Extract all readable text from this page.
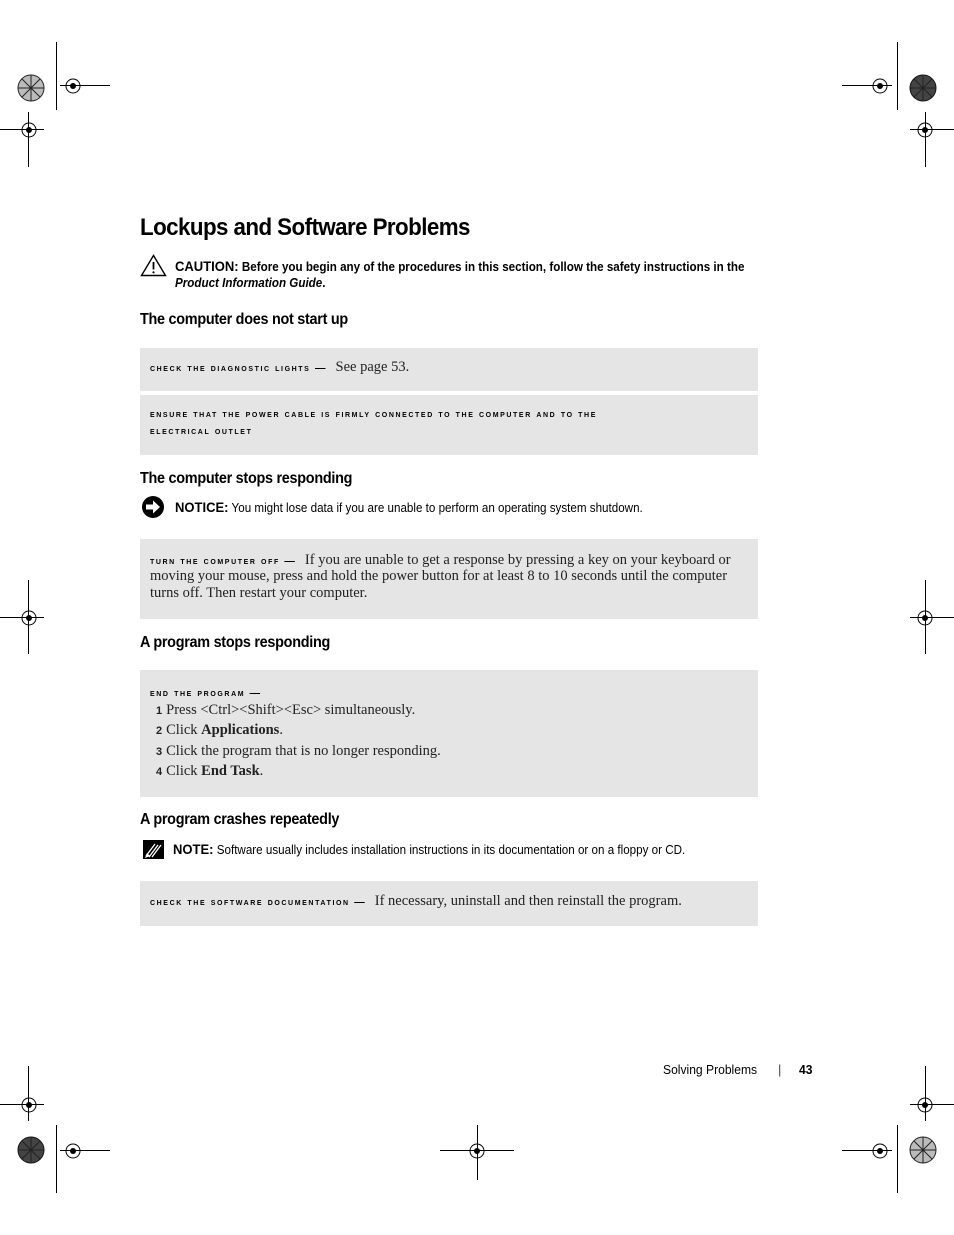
Lockups and Software Problems
CAUTION: Before you begin any of the procedures in this section, follow the safety instructions in the
Product Information Guide.
The computer does not start up
check the diagnostic lights — See page 53.
ensure that the power cable is firmly connected to the computer and to the
electrical outlet
The computer stops responding
NOTICE: You might lose data if you are unable to perform an operating system shutdown.
turn the computer off — If you are unable to get a response by pressing a key on your keyboard or
moving your mouse, press and hold the power button for at least 8 to 10 seconds until the computer
turns off. Then restart your computer.
A program stops responding
end the program —
1 Press <Ctrl><Shift><Esc> simultaneously.
2 Click Applications.
3 Click the program that is no longer responding.
4 Click End Task.
A program crashes repeatedly
NOTE: Software usually includes installation instructions in its documentation or on a floppy or CD.
check the software documentation — If necessary, uninstall and then reinstall the program.
Solving Problems | 43
